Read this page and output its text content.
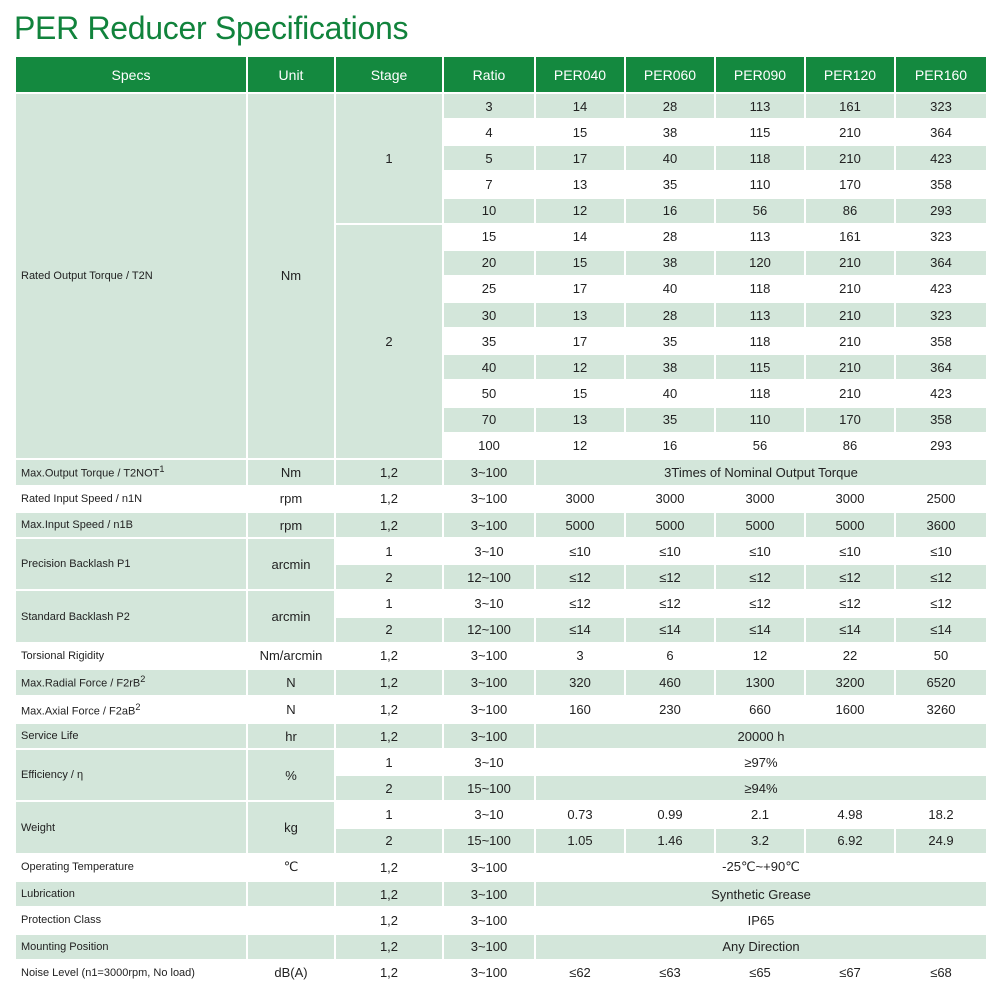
PER Reducer Specifications
Specs	Unit	Stage	Ratio	PER040	PER060	PER090	PER120	PER160
Rated Output Torque / T2N	Nm	1	3	14	28	113	161	323
			4	15	38	115	210	364
			5	17	40	118	210	423
			7	13	35	110	170	358
			10	12	16	56	86	293
		2	15	14	28	113	161	323
			20	15	38	120	210	364
			25	17	40	118	210	423
			30	13	28	113	210	323
			35	17	35	118	210	358
			40	12	38	115	210	364
			50	15	40	118	210	423
			70	13	35	110	170	358
			100	12	16	56	86	293
Max.Output Torque / T2NOT$^1$	Nm	1,2	3~100	3Times of Nominal Output Torque				
Rated Input Speed / n1N	rpm	1,2	3~100	3000	3000	3000	3000	2500
Max.Input Speed / n1B	rpm	1,2	3~100	5000	5000	5000	5000	3600
Precision Backlash P1	arcmin	1	3~10	≤10	≤10	≤10	≤10	≤10
		2	12~100	≤12	≤12	≤12	≤12	≤12
Standard Backlash P2	arcmin	1	3~10	≤12	≤12	≤12	≤12	≤12
		2	12~100	≤14	≤14	≤14	≤14	≤14
Torsional Rigidity	Nm/arcmin	1,2	3~100	3	6	12	22	50
Max.Radial Force / $F2rB^2$	N	1,2	3~100	320	460	1300	3200	6520
Max.Axial Force / $F2aB^2$	N	1,2	3~100	160	230	660	1600	3260
Service Life	hr	1,2	3~100	20000 h				
Efficiency / η	%	1	3~10	≥97%				
		2	15~100	≥94%				
Weight	kg	1	3~10	0.73	0.99	2.1	4.98	18.2
		2	15~100	1.05	1.46	3.2	6.92	24.9
Operating Temperature	℃	1,2	3~100	-25℃~+90℃				
Lubrication		1,2	3~100	Synthetic Grease				
Protection Class		1,2	3~100	IP65				
Mounting Position		1,2	3~100	Any Direction				
Noise Level (n1=3000rpm, No load)	dB(A)	1,2	3~100	≤62	≤63	≤65	≤67	≤68
